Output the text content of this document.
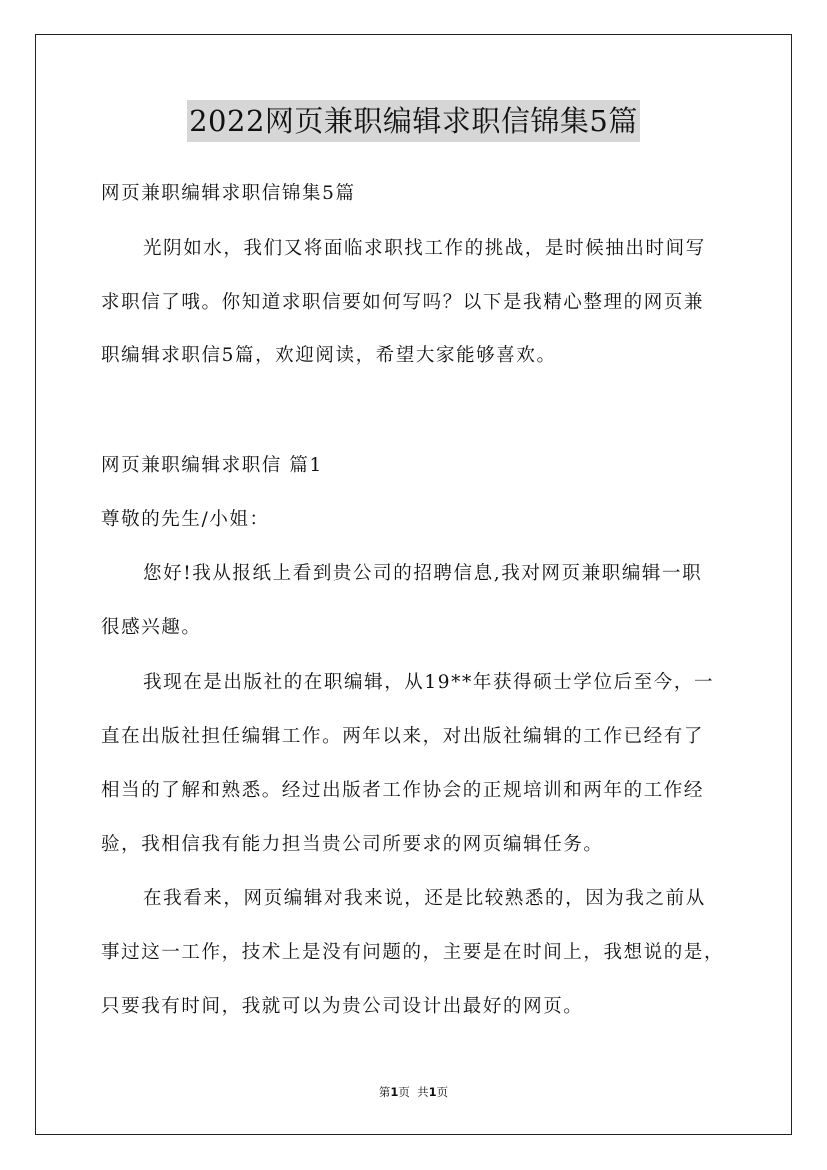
2022网页兼职编辑求职信锦集5篇
网页兼职编辑求职信锦集5篇
光阴如水，我们又将面临求职找工作的挑战，是时候抽出时间写
求职信了哦。你知道求职信要如何写吗？以下是我精心整理的网页兼
职编辑求职信5篇，欢迎阅读，希望大家能够喜欢。
网页兼职编辑求职信 篇1
尊敬的先生/小姐：
您好!我从报纸上看到贵公司的招聘信息,我对网页兼职编辑一职
很感兴趣。
我现在是出版社的在职编辑，从19**年获得硕士学位后至今，一
直在出版社担任编辑工作。两年以来，对出版社编辑的工作已经有了
相当的了解和熟悉。经过出版者工作协会的正规培训和两年的工作经
验，我相信我有能力担当贵公司所要求的网页编辑任务。
在我看来，网页编辑对我来说，还是比较熟悉的，因为我之前从
事过这一工作，技术上是没有问题的，主要是在时间上，我想说的是，
只要我有时间，我就可以为贵公司设计出最好的网页。
第1页 共1页
